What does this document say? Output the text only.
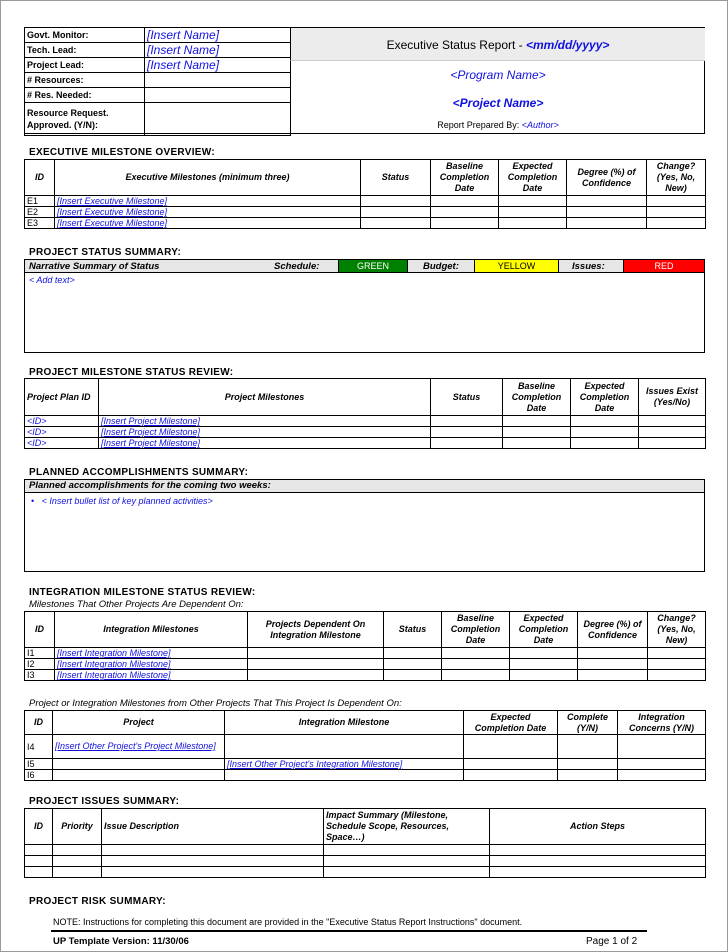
Govt. Monitor:	[Insert Name]
Tech. Lead:	[Insert Name]
Project Lead:	[Insert Name]
# Resources:	
# Res. Needed:	

Resource Request.
Approved. (Y/N):	

Executive Status Report - <mm/dd/yyyy>
<Program Name>
<Project Name>
Report Prepared By: <Author>
EXECUTIVE MILESTONE OVERVIEW:
ID	Executive Milestones (minimum three)	Status	Baseline Completion Date	Expected Completion Date	Degree (%) of Confidence	Change? (Yes, No, New)
E1	[Insert Executive Milestone]					
E2	[Insert Executive Milestone]					
E3	[Insert Executive Milestone]					
PROJECT STATUS SUMMARY:
Narrative Summary of Status	Schedule:	GREEN	Budget:	YELLOW	Issues:	RED
< Add text>
PROJECT MILESTONE STATUS REVIEW:
Project Plan ID	Project Milestones	Status	Baseline Completion Date	Expected Completion Date	Issues Exist (Yes/No)
<ID>	[Insert Project Milestone]				
<ID>	[Insert Project Milestone]				
<ID>	[Insert Project Milestone]				
PLANNED ACCOMPLISHMENTS SUMMARY:
Planned accomplishments for the coming two weeks:
•   < Insert bullet list of key planned activities>
INTEGRATION MILESTONE STATUS REVIEW:
Milestones That Other Projects Are Dependent On:
ID	Integration Milestones	Projects Dependent On Integration Milestone	Status	Baseline Completion Date	Expected Completion Date	Degree (%) of Confidence	Change? (Yes, No, New)
I1	[Insert Integration Milestone]						
I2	[Insert Integration Milestone]						
I3	[Insert Integration Milestone]						
Project or Integration Milestones from Other Projects That This Project Is Dependent On:
ID	Project	Integration Milestone	Expected Completion Date	Complete (Y/N)	Integration Concerns (Y/N)
I4	[Insert Other Project's Project Milestone]				
I5		[Insert Other Project's Integration Milestone]			
I6					
PROJECT ISSUES SUMMARY:
ID	Priority	Issue Description	Impact Summary (Milestone, Schedule Scope, Resources, Space…)	Action Steps

PROJECT RISK SUMMARY:
NOTE: Instructions for completing this document are provided in the "Executive Status Report Instructions" document.
UP Template Version: 11/30/06	Page 1 of 2
